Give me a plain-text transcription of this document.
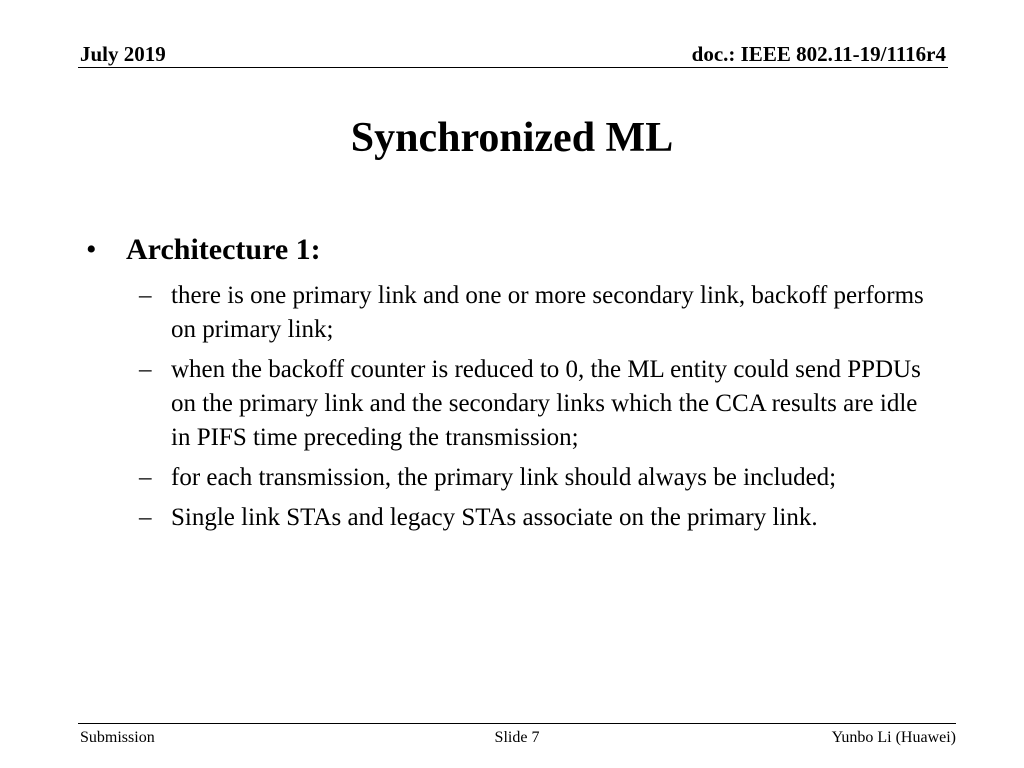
July 2019	doc.: IEEE 802.11-19/1116r4
Synchronized ML
• Architecture 1:
– there is one primary link and one or more secondary link, backoff performs on primary link;
– when the backoff counter is reduced to 0, the ML entity could send PPDUs on the primary link and the secondary links which the CCA results are idle in PIFS time preceding the transmission;
– for each transmission, the primary link should always be included;
– Single link STAs and legacy STAs associate on the primary link.
Submission	Slide 7	Yunbo Li (Huawei)
